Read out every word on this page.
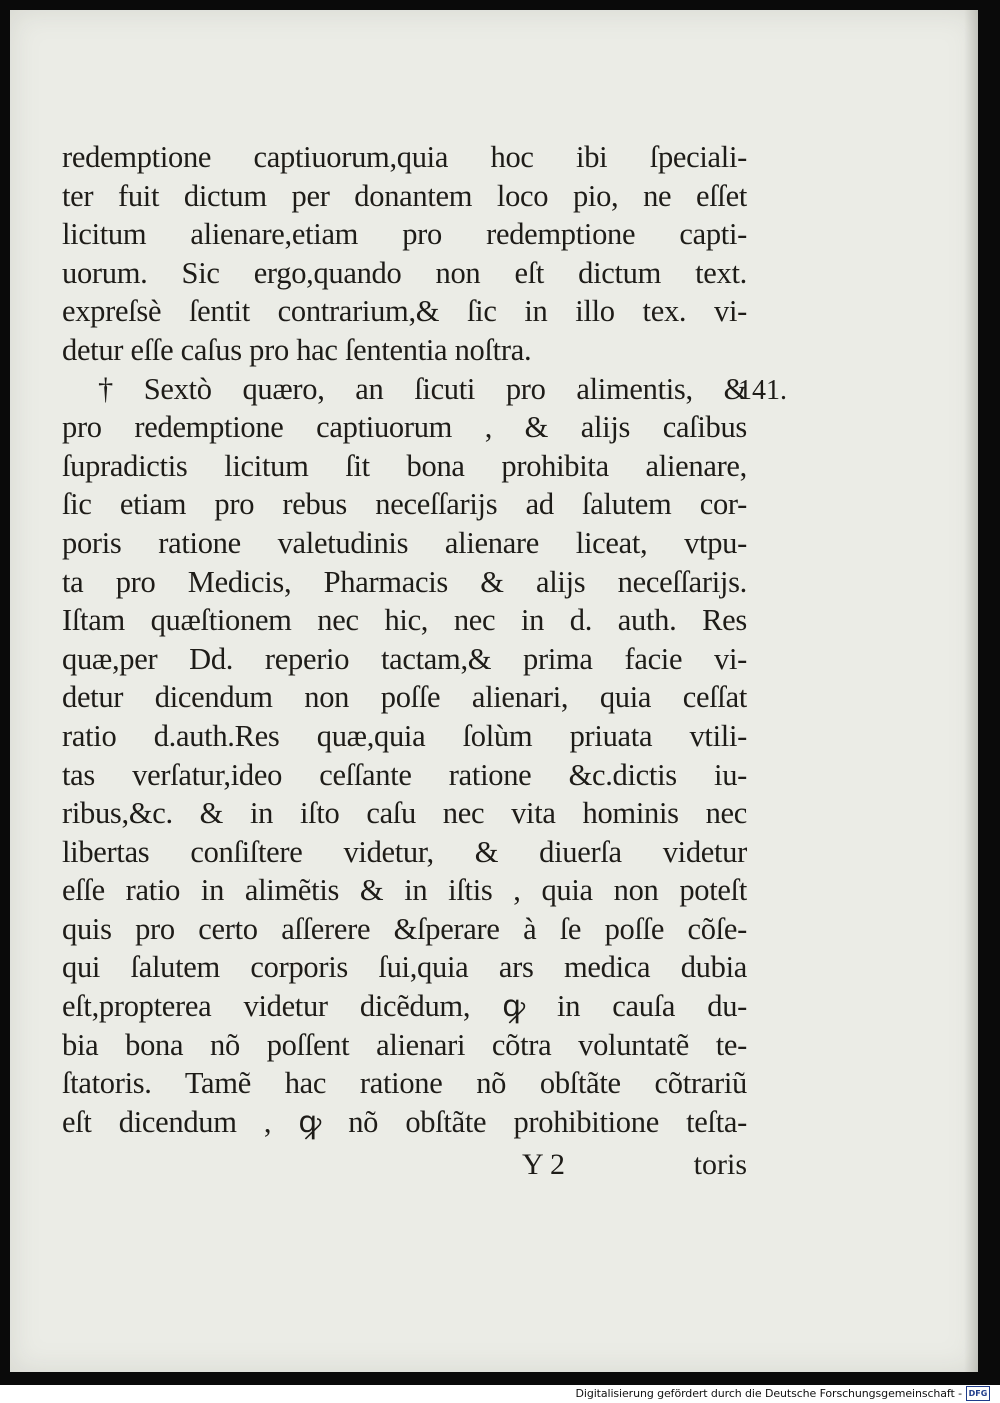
redemptione captiuorum,quia hoc ibi ſpeciali-
ter fuit dictum per donantem loco pio, ne eſſet
licitum alienare,etiam pro redemptione capti-
uorum. Sic ergo,quando non eſt dictum text.
expreſsè ſentit contrarium,& ſic in illo tex. vi-
detur eſſe caſus pro hac ſententia noſtra.
† Sextò quæro, an ſicuti pro alimentis, &
pro redemptione captiuorum , & alijs caſibus
ſupradictis licitum ſit bona prohibita alienare,
ſic etiam pro rebus neceſſarijs ad ſalutem cor-
poris ratione valetudinis alienare liceat, vtpu-
ta pro Medicis, Pharmacis & alijs neceſſarijs.
Iſtam quæſtionem nec hic, nec in d. auth. Res
quæ,per Dd. reperio tactam,& prima facie vi-
detur dicendum non poſſe alienari, quia ceſſat
ratio d.auth.Res quæ,quia ſolùm priuata vtili-
tas verſatur,ideo ceſſante ratione &c.dictis iu-
ribus,&c. & in iſto caſu nec vita hominis nec
libertas conſiſtere videtur, & diuerſa videtur
eſſe ratio in alimẽtis & in iſtis , quia non poteſt
quis pro certo aſſerere &ſperare à ſe poſſe cõſe-
qui ſalutem corporis ſui,quia ars medica dubia
eſt,propterea videtur dicẽdum, ꝙ in cauſa du-
bia bona nõ poſſent alienari cõtra voluntatẽ te-
ſtatoris. Tamẽ hac ratione nõ obſtãte cõtrariũ
eſt dicendum , ꝙ nõ obſtãte prohibitione teſta-
141.
Y 2	toris
Digitalisierung gefördert durch die Deutsche Forschungsgemeinschaft - DFG
